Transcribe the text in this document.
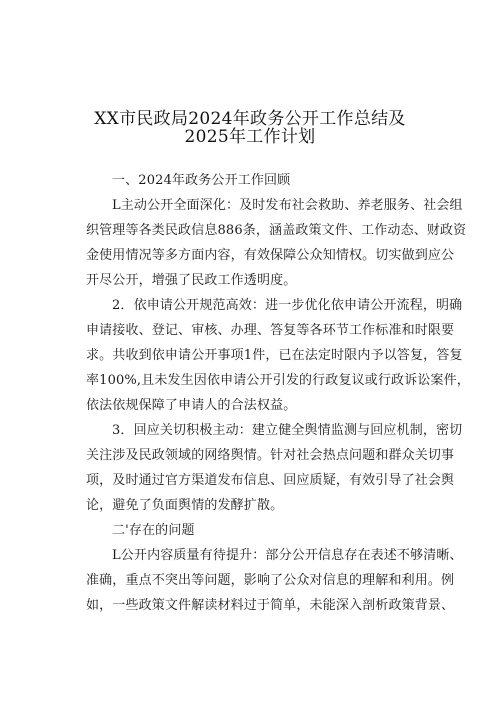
XX市民政局2024年政务公开工作总结及
2025年工作计划
一、2024年政务公开工作回顾
L主动公开全面深化：及时发布社会救助、养老服务、社会组
织管理等各类民政信息886条，涵盖政策文件、工作动态、财政资
金使用情况等多方面内容，有效保障公众知情权。切实做到应公
开尽公开，增强了民政工作透明度。
2．依申请公开规范高效：进一步优化依申请公开流程，明确
申请接收、登记、审核、办理、答复等各环节工作标准和时限要
求。共收到依申请公开事项1件，已在法定时限内予以答复，答复
率100%,且未发生因依申请公开引发的行政复议或行政诉讼案件，
依法依规保障了申请人的合法权益。
3．回应关切积极主动：建立健全舆情监测与回应机制，密切
关注涉及民政领域的网络舆情。针对社会热点问题和群众关切事
项，及时通过官方渠道发布信息、回应质疑，有效引导了社会舆
论，避免了负面舆情的发酵扩散。
二'存在的问题
L公开内容质量有待提升：部分公开信息存在表述不够清晰、
准确，重点不突出等问题，影响了公众对信息的理解和利用。例
如，一些政策文件解读材料过于简单，未能深入剖析政策背景、
